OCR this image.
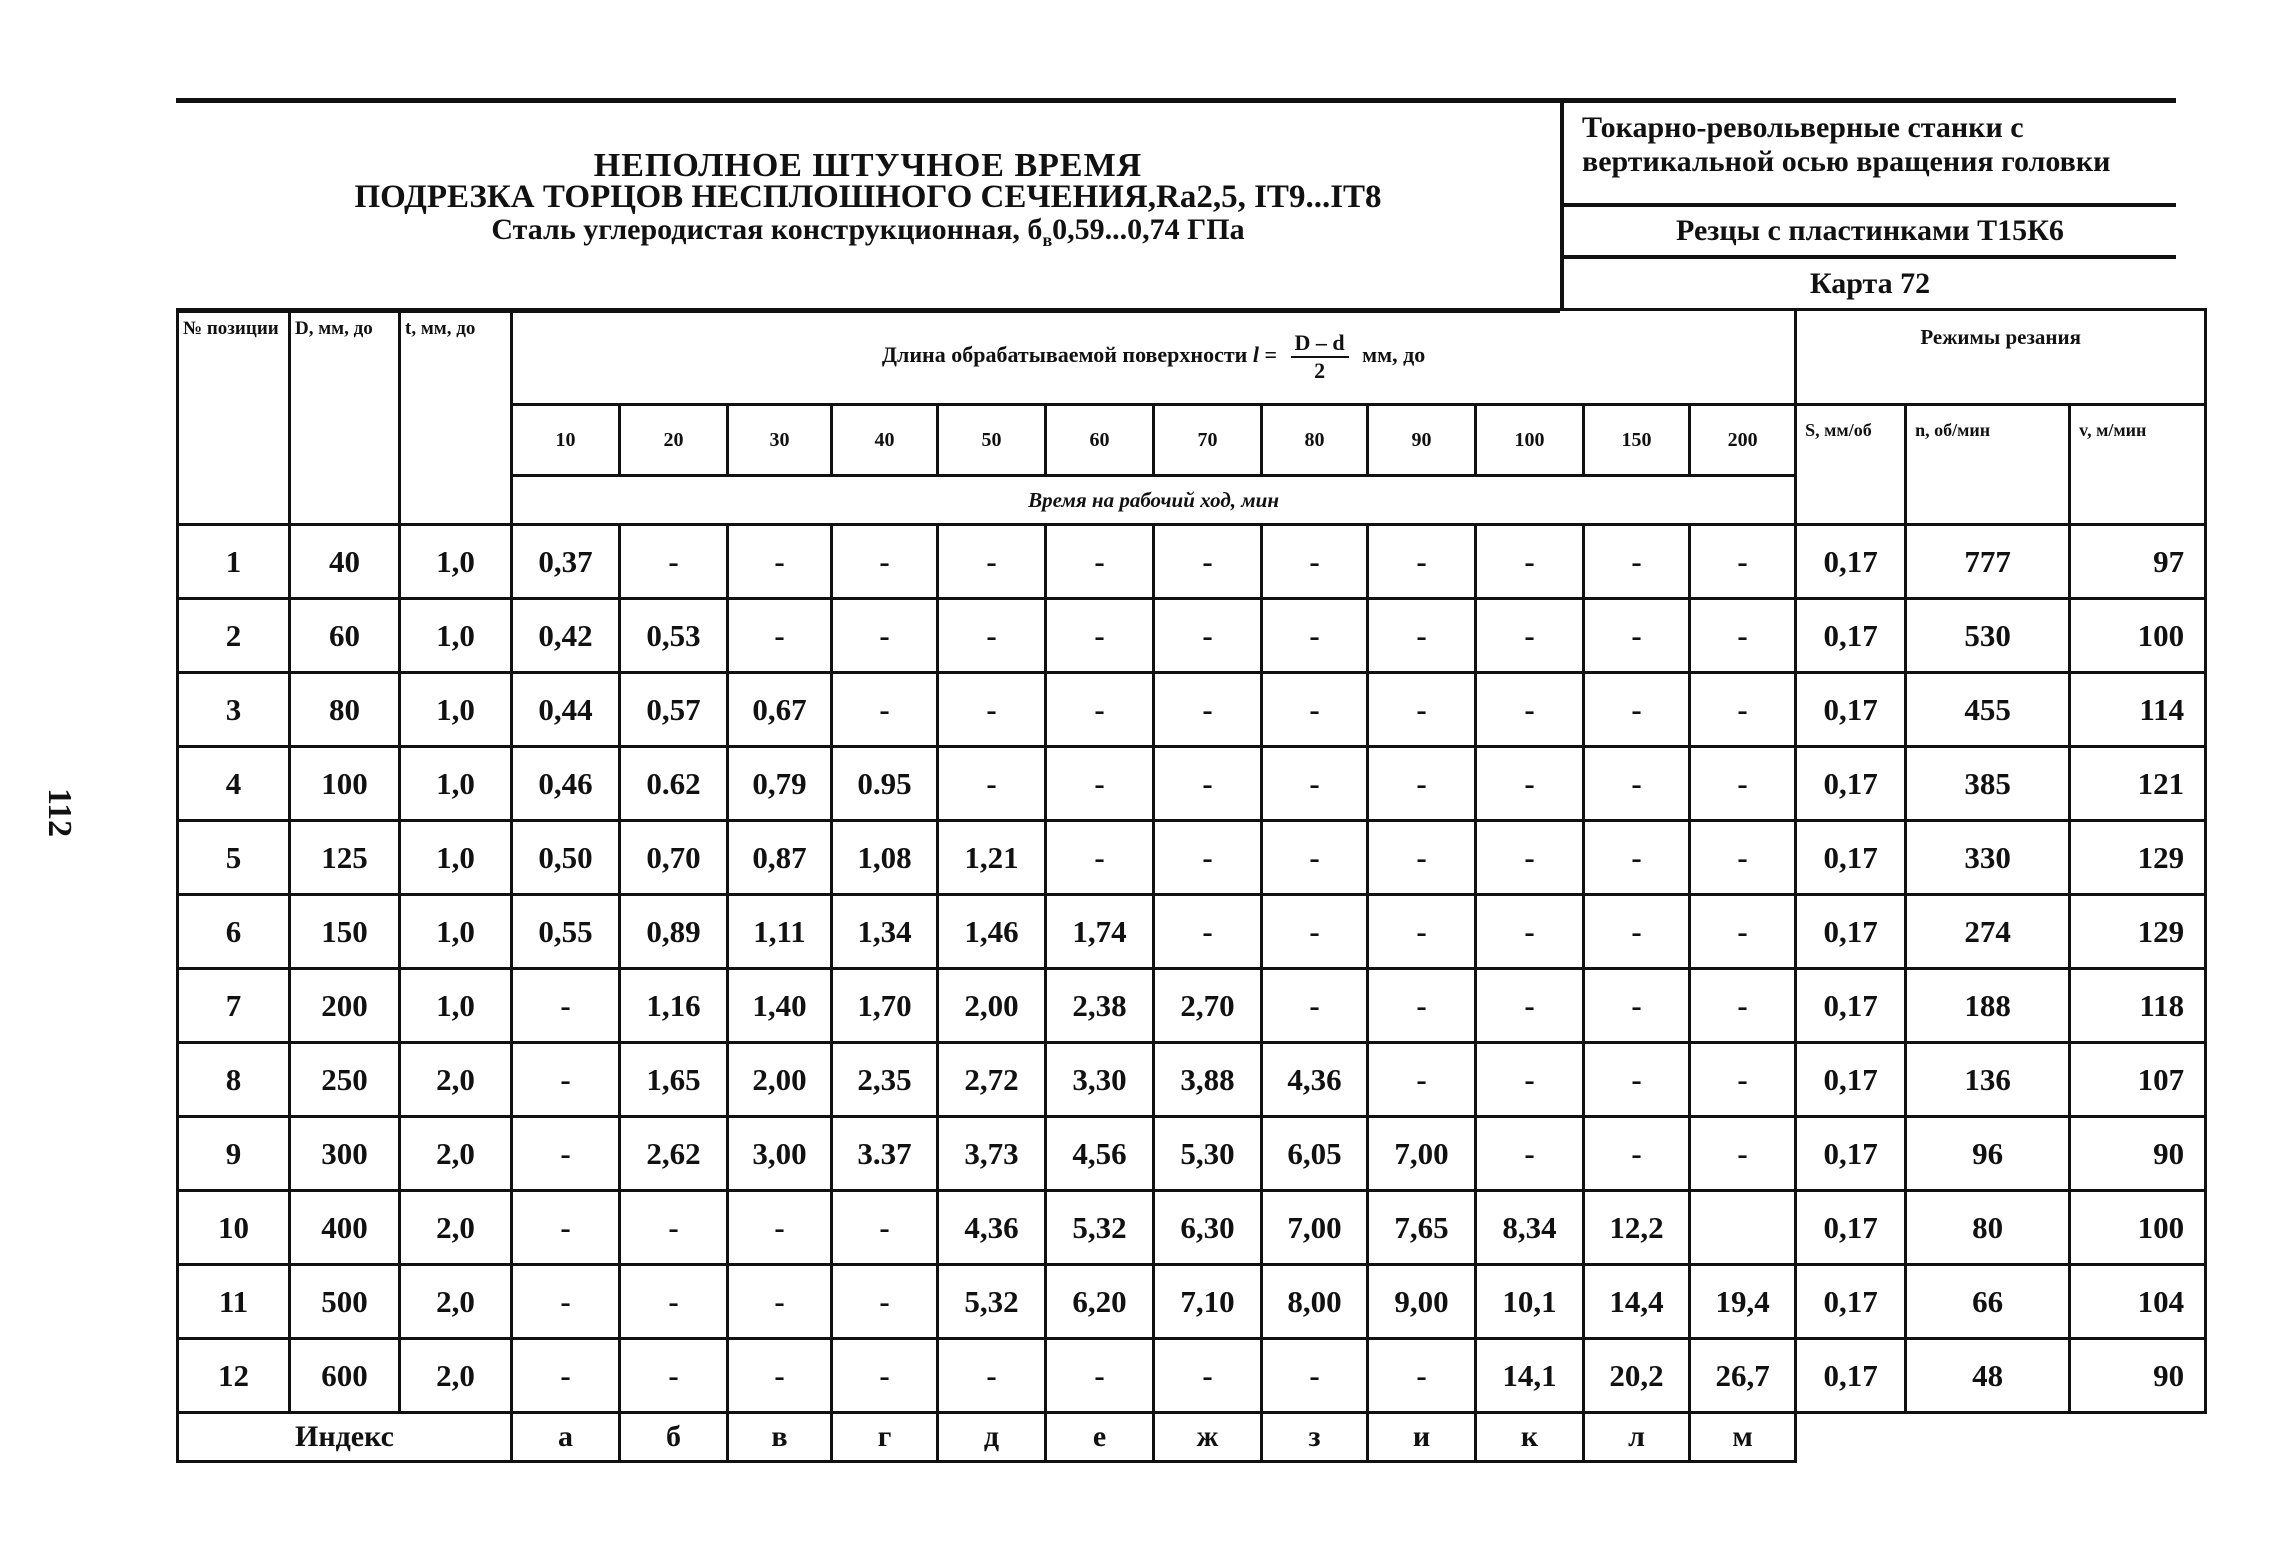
112
НЕПОЛНОЕ ШТУЧНОЕ ВРЕМЯ
ПОДРЕЗКА ТОРЦОВ НЕСПЛОШНОГО СЕЧЕНИЯ,Ra2,5, IT9...IT8
Сталь углеродистая конструкционная, $б_в0,59...0,74$ ГПа
Токарно-револьверные станки с вертикальной осью вращения головки
Резцы с пластинками Т15К6
Карта 72
№ позиции	D, мм, до	t, мм, до	Длина обрабатываемой поверхности $l = \frac{D - d}{2}$ мм, до												Режимы резания		
			10	20	30	40	50	60	70	80	90	100	150	200	S, мм/об	n, об/мин	v, м/мин
			Время на рабочий ход, мин														
1	40	1,0	0,37	-	-	-	-	-	-	-	-	-	-	-	0,17	777	97
2	60	1,0	0,42	0,53	-	-	-	-	-	-	-	-	-	-	0,17	530	100
3	80	1,0	0,44	0,57	0,67	-	-	-	-	-	-	-	-	-	0,17	455	114
4	100	1,0	0,46	0.62	0,79	0.95	-	-	-	-	-	-	-	-	0,17	385	121
5	125	1,0	0,50	0,70	0,87	1,08	1,21	-	-	-	-	-	-	-	0,17	330	129
6	150	1,0	0,55	0,89	1,11	1,34	1,46	1,74	-	-	-	-	-	-	0,17	274	129
7	200	1,0	-	1,16	1,40	1,70	2,00	2,38	2,70	-	-	-	-	-	0,17	188	118
8	250	2,0	-	1,65	2,00	2,35	2,72	3,30	3,88	4,36	-	-	-	-	0,17	136	107
9	300	2,0	-	2,62	3,00	3.37	3,73	4,56	5,30	6,05	7,00	-	-	-	0,17	96	90
10	400	2,0	-	-	-	-	4,36	5,32	6,30	7,00	7,65	8,34	12,2		0,17	80	100
11	500	2,0	-	-	-	-	5,32	6,20	7,10	8,00	9,00	10,1	14,4	19,4	0,17	66	104
12	600	2,0	-	-	-	-	-	-	-	-	-	14,1	20,2	26,7	0,17	48	90
Индекс			а	б	в	г	д	е	ж	з	и	к	л	м			
